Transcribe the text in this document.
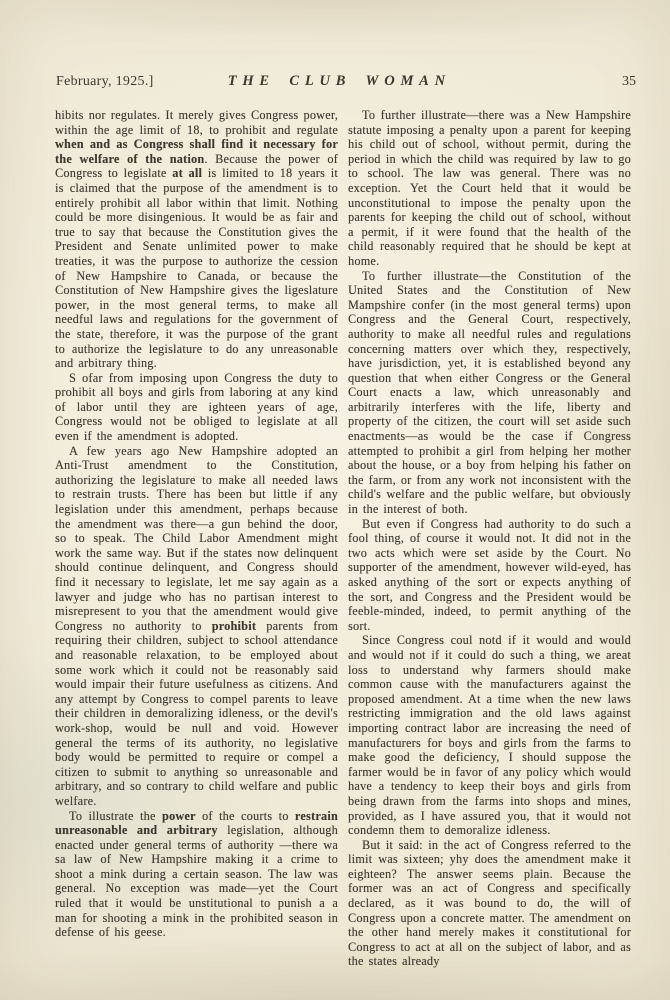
February, 1925.]	THE CLUB WOMAN	35

hibits nor regulates. It merely gives Congress power, within the age limit of 18, to prohibit and regulate when and as Congress shall find it necessary for the welfare of the nation. Because the power of Congress to legislate at all is limited to 18 years it is claimed that the purpose of the amendment is to entirely prohibit all labor within that limit. Nothing could be more disingenious. It would be as fair and true to say that because the Constitution gives the President and Senate unlimited power to make treaties, it was the purpose to authorize the cession of New Hampshire to Canada, or because the Constitution of New Hampshire gives the ligeslature power, in the most general terms, to make all needful laws and regulations for the government of the state, therefore, it was the purpose of the grant to authorize the legislature to do any unreasonable and arbitrary thing.

S ofar from imposing upon Congress the duty to prohibit all boys and girls from laboring at any kind of labor until they are ighteen years of age, Congress would not be obliged to legislate at all even if the amendment is adopted.

A few years ago New Hampshire adopted an Anti-Trust amendment to the Constitution, authorizing the legislature to make all needed laws to restrain trusts. There has been but little if any legislation under this amendment, perhaps because the amendment was there—a gun behind the door, so to speak. The Child Labor Amendment might work the same way. But if the states now delinquent should continue delinquent, and Congress should find it necessary to legislate, let me say again as a lawyer and judge who has no partisan interest to misrepresent to you that the amendment would give Congress no authority to prohibit parents from requiring their children, subject to school attendance and reasonable relaxation, to be employed about some work which it could not be reasonably said would impair their future usefulness as citizens. And any attempt by Congress to compel parents to leave their children in demoralizing idleness, or the devil's work-shop, would be null and void. However general the terms of its authority, no legislative body would be permitted to require or compel a citizen to submit to anything so unreasonable and arbitrary, and so contrary to child welfare and public welfare.

To illustrate the power of the courts to restrain unreasonable and arbitrary legislation, although enacted under general terms of authority —there wa sa law of New Hampshire making it a crime to shoot a mink during a certain season. The law was general. No exception was made—yet the Court ruled that it would be unstitutional to punish a a man for shooting a mink in the prohibited season in defense of his geese.

To further illustrate—there was a New Hampshire statute imposing a penalty upon a parent for keeping his child out of school, without permit, during the period in which the child was required by law to go to school. The law was general. There was no exception. Yet the Court held that it would be unconstitutional to impose the penalty upon the parents for keeping the child out of school, without a permit, if it were found that the health of the child reasonably required that he should be kept at home.

To further illustrate—the Constitution of the United States and the Constitution of New Mampshire confer (in the most general terms) upon Congress and the General Court, respectively, authority to make all needful rules and regulations concerning matters over which they, respectively, have jurisdiction, yet, it is established beyond any question that when either Congress or the General Court enacts a law, which unreasonably and arbitrarily interferes with the life, liberty and property of the citizen, the court will set aside such enactments—as would be the case if Congress attempted to prohibit a girl from helping her mother about the house, or a boy from helping his father on the farm, or from any work not inconsistent with the child's welfare and the public welfare, but obviously in the interest of both.

But even if Congress had authority to do such a fool thing, of course it would not. It did not in the two acts which were set aside by the Court. No supporter of the amendment, however wild-eyed, has asked anything of the sort or expects anything of the sort, and Congress and the President would be feeble-minded, indeed, to permit anything of the sort.

Since Congress coul notd if it would and would and would not if it could do such a thing, we areat loss to understand why farmers should make common cause with the manufacturers against the proposed amendment. At a time when the new laws restricting immigration and the old laws against importing contract labor are increasing the need of manufacturers for boys and girls from the farms to make good the deficiency, I should suppose the farmer would be in favor of any policy which would have a tendency to keep their boys and girls from being drawn from the farms into shops and mines, provided, as I have assured you, that it would not condemn them to demoralize idleness.

But it said: in the act of Congress referred to the limit was sixteen; yhy does the amendment make it eighteen? The answer seems plain. Because the former was an act of Congress and specifically declared, as it was bound to do, the will of Congress upon a concrete matter. The amendment on the other hand merely makes it constitutional for Congress to act at all on the subject of labor, and as the states already
